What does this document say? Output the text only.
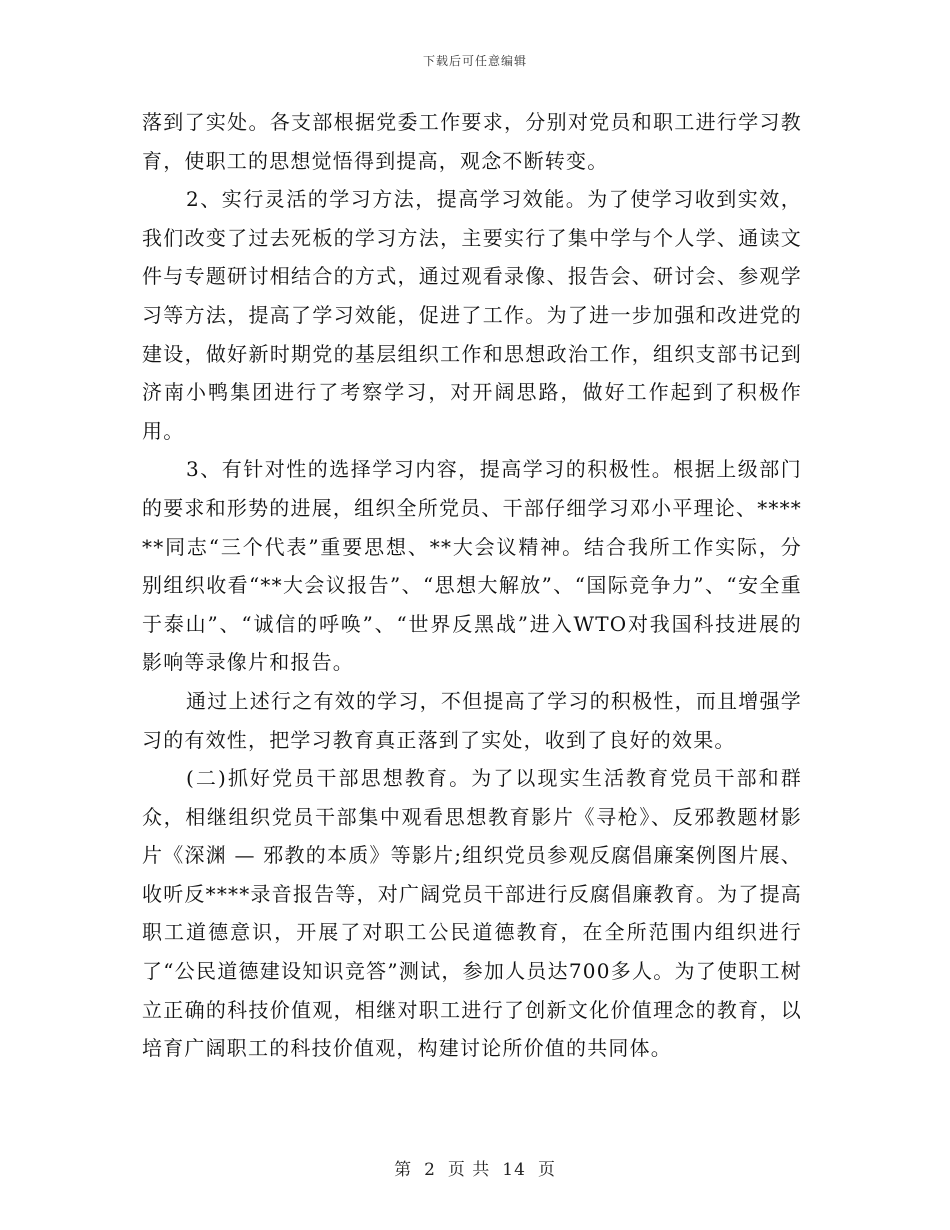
下载后可任意编辑

落到了实处。各支部根据党委工作要求，分别对党员和职工进行学习教育，使职工的思想觉悟得到提高，观念不断转变。

2、实行灵活的学习方法，提高学习效能。为了使学习收到实效，我们改变了过去死板的学习方法，主要实行了集中学与个人学、通读文件与专题研讨相结合的方式，通过观看录像、报告会、研讨会、参观学习等方法，提高了学习效能，促进了工作。为了进一步加强和改进党的建设，做好新时期党的基层组织工作和思想政治工作，组织支部书记到济南小鸭集团进行了考察学习，对开阔思路，做好工作起到了积极作用。

3、有针对性的选择学习内容，提高学习的积极性。根据上级部门的要求和形势的进展，组织全所党员、干部仔细学习邓小平理论、******同志“三个代表”重要思想、**大会议精神。结合我所工作实际，分别组织收看“**大会议报告”、“思想大解放”、“国际竞争力”、“安全重于泰山”、“诚信的呼唤”、“世界反黑战”进入WTO对我国科技进展的影响等录像片和报告。

通过上述行之有效的学习，不但提高了学习的积极性，而且增强学习的有效性，把学习教育真正落到了实处，收到了良好的效果。

(二)抓好党员干部思想教育。为了以现实生活教育党员干部和群众，相继组织党员干部集中观看思想教育影片《寻枪》、反邪教题材影片《深渊 — 邪教的本质》等影片;组织党员参观反腐倡廉案例图片展、收听反****录音报告等，对广阔党员干部进行反腐倡廉教育。为了提高职工道德意识，开展了对职工公民道德教育，在全所范围内组织进行了“公民道德建设知识竞答”测试，参加人员达700多人。为了使职工树立正确的科技价值观，相继对职工进行了创新文化价值理念的教育，以培育广阔职工的科技价值观，构建讨论所价值的共同体。

第 2 页 共 14 页
